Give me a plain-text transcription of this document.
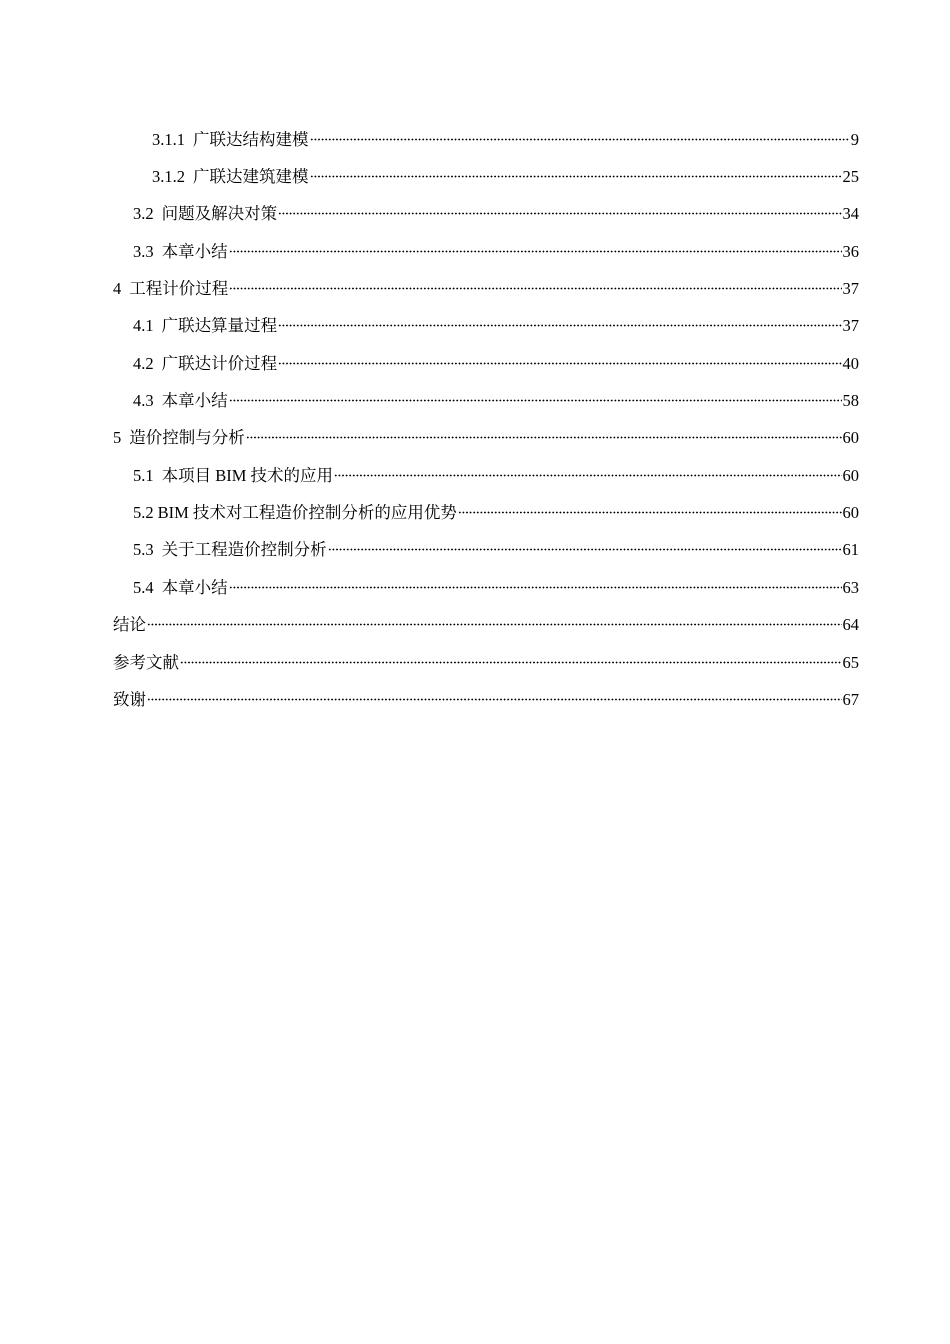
3.1.1 广联达结构建模	9
3.1.2 广联达建筑建模	25
3.2 问题及解决对策	34
3.3 本章小结	36
4 工程计价过程	37
4.1 广联达算量过程	37
4.2 广联达计价过程	40
4.3 本章小结	58
5 造价控制与分析	60
5.1 本项目 BIM 技术的应用	60
5.2 BIM 技术对工程造价控制分析的应用优势	60
5.3 关于工程造价控制分析	61
5.4 本章小结	63
结论	64
参考文献	65
致谢	67
